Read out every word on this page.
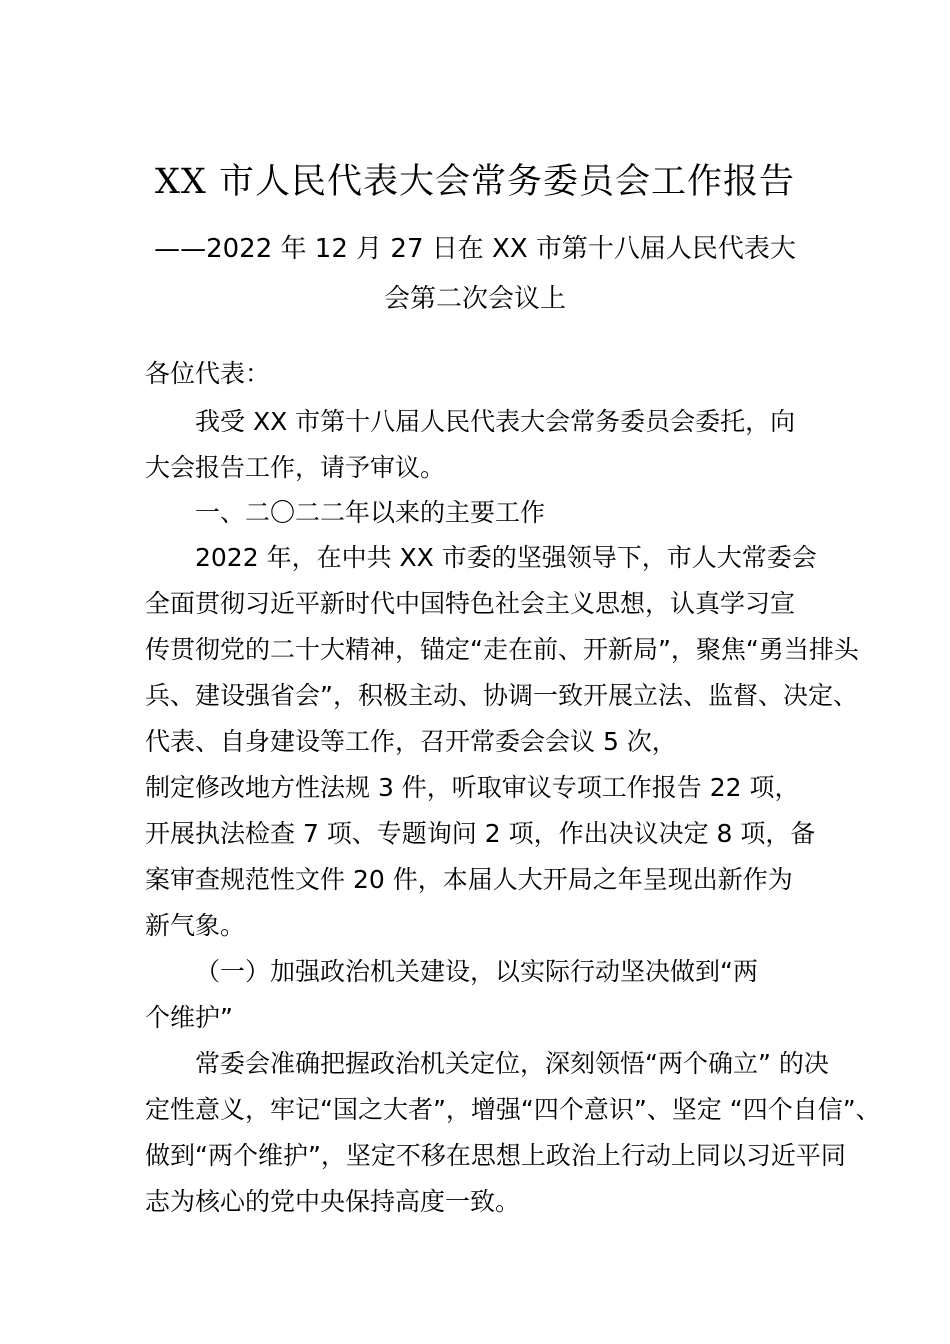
XX 市人民代表大会常务委员会工作报告
——2022 年 12 月 27 日在 XX 市第十八届人民代表大
会第二次会议上
各位代表：
我受 XX 市第十八届人民代表大会常务委员会委托，向
大会报告工作，请予审议。
一、二〇二二年以来的主要工作
2022 年，在中共 XX 市委的坚强领导下，市人大常委会
全面贯彻习近平新时代中国特色社会主义思想，认真学习宣
传贯彻党的二十大精神，锚定“走在前、开新局”，聚焦“勇当排头
兵、建设强省会”，积极主动、协调一致开展立法、监督、决定、
代表、自身建设等工作，召开常委会会议 5 次，
制定修改地方性法规 3 件，听取审议专项工作报告 22 项，
开展执法检查 7 项、专题询问 2 项，作出决议决定 8 项，备
案审查规范性文件 20 件，本届人大开局之年呈现出新作为
新气象。
（一）加强政治机关建设，以实际行动坚决做到“两
个维护”
常委会准确把握政治机关定位，深刻领悟“两个确立” 的决
定性意义，牢记“国之大者”，增强“四个意识”、坚定 “四个自信”、
做到“两个维护”，坚定不移在思想上政治上行动上同以习近平同
志为核心的党中央保持高度一致。
